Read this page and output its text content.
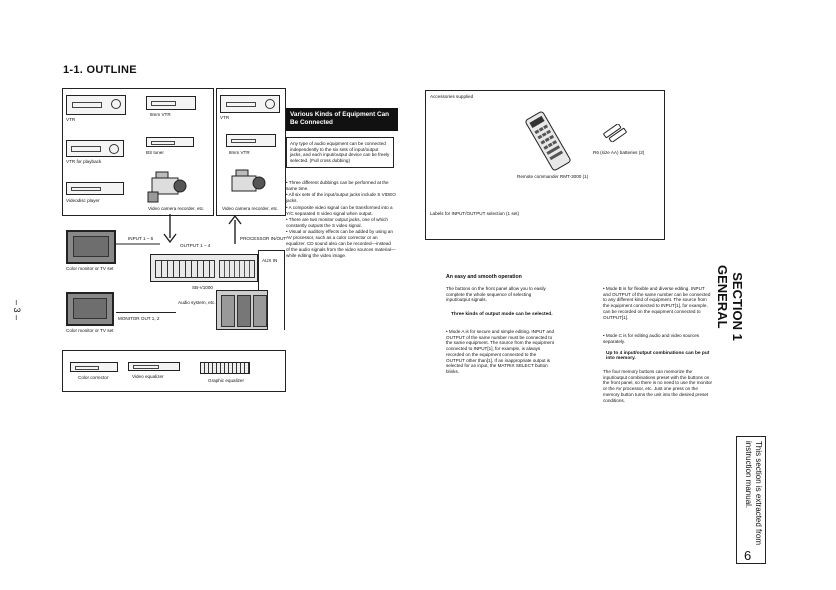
1-1. OUTLINE
– 3 –
VTR
8mm VTR
VTR for playback
BS tuner
Videodisc player
Video camera recorder, etc.
VTR
8mm VTR
Video camera recorder, etc.
INPUT 1 – 6
OUTPUT 1 – 4
PROCESSOR IN/OUT
Color monitor or TV set
SB-V1000
Audio system, etc.
AUX IN
MONITOR OUT 1, 2
Color monitor or TV set
Color corrector	Video equalizer
Graphic equalizer
Various Kinds of Equipment Can Be Connected
Any type of audio equipment can be connected independently to the six sets of input/output jacks, and each input/output device can be freely selected. (Full cross dubbing)
• Three different dubbings can be performed at the same time.
• All six sets of the input/output jacks include S VIDEO jacks.
• A composite video signal can be transformed into a Y/C separated S video signal when output.
• There are two monitor output jacks, one of which constantly outputs the S video signal.
• Visual or auditory effects can be added by using an AV processor, such as a color corrector or an equalizer. CD sound also can be recorded—instead of the audio signals from the video sources material—while editing the video image.
Accessories supplied
R6 (size AA) batteries (2)
Remote commander RMT-3000 (1)
Labels for INPUT/OUTPUT selection (1 set)
An easy and smooth operation
The buttons on the front panel allow you to easily complete the whole sequence of selecting input/output signals.
Three kinds of output mode can be selected.
• Mode A is for secure and simple editing. INPUT and OUTPUT of the same number must be connected to the same equipment. The source from the equipment connected to INPUT[1], for example, is always recorded on the equipment connected to the OUTPUT other than[1]. If an inappropriate output is selected for an input, the MATRIX SELECT button blinks.
• Mode B is for flexible and diverse editing. INPUT and OUTPUT of the same number can be connected to any different kind of equipment. The source from the equipment connected to INPUT[1], for example, can be recorded on the equipment connected to OUTPUT[1].
• Mode C is for editing audio and video sources separately.
Up to 4 input/output combinations can be put into memory.
The four memory buttons can memorize the input/output combinations preset with the buttons on the front panel, so there is no need to use the monitor or the AV processor, etc. Just one press on the memory button turns the unit into the desired preset conditions.

SECTION 1
GENERAL

This section is extracted from instruction manual.
6
